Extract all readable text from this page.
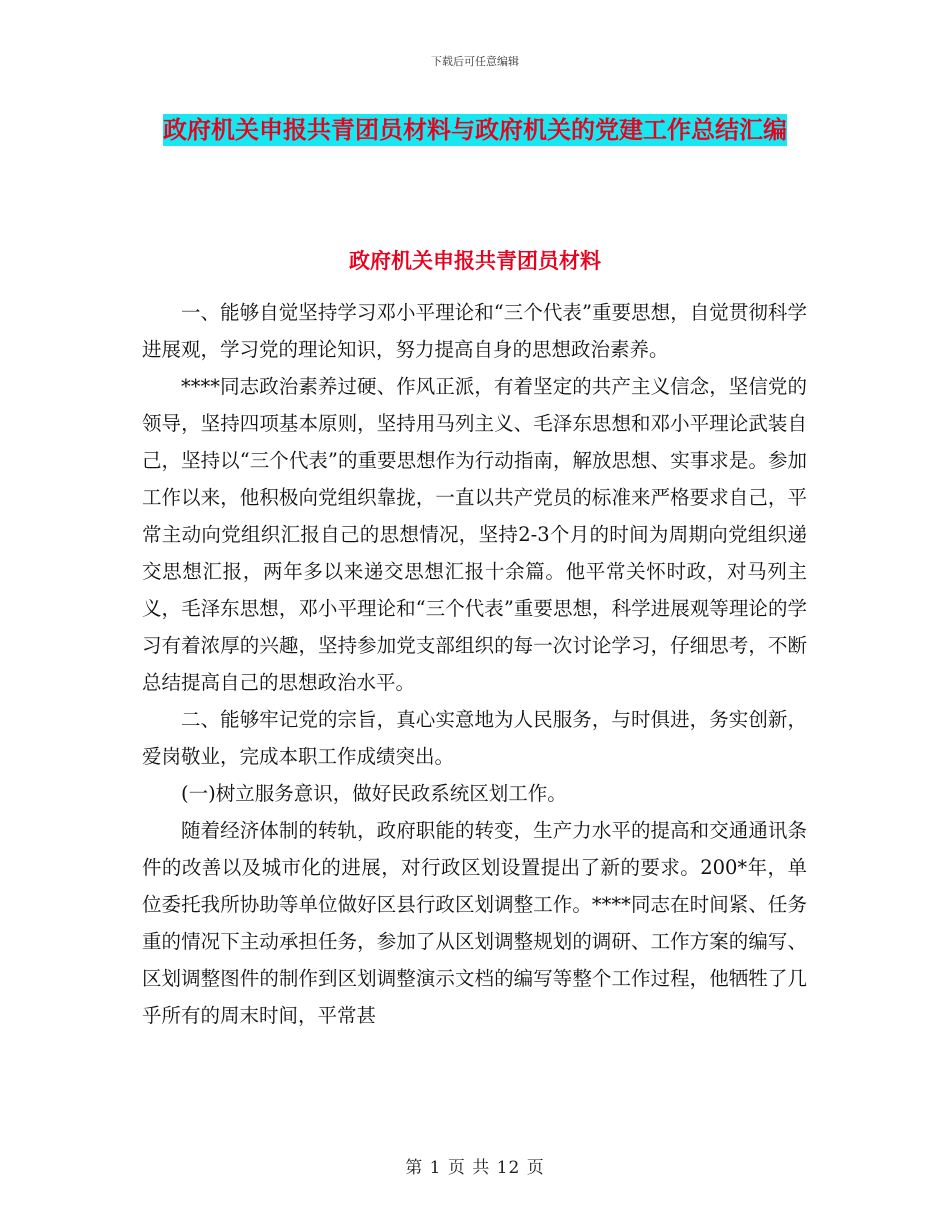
下载后可任意编辑
政府机关申报共青团员材料与政府机关的党建工作总结汇编
政府机关申报共青团员材料

一、能够自觉坚持学习邓小平理论和“三个代表”重要思想，自觉贯彻科学进展观，学习党的理论知识，努力提高自身的思想政治素养。

****同志政治素养过硬、作风正派，有着坚定的共产主义信念，坚信党的领导，坚持四项基本原则，坚持用马列主义、毛泽东思想和邓小平理论武装自己，坚持以“三个代表”的重要思想作为行动指南，解放思想、实事求是。参加工作以来，他积极向党组织靠拢，一直以共产党员的标准来严格要求自己，平常主动向党组织汇报自己的思想情况，坚持2-3个月的时间为周期向党组织递交思想汇报，两年多以来递交思想汇报十余篇。他平常关怀时政，对马列主义，毛泽东思想，邓小平理论和“三个代表”重要思想，科学进展观等理论的学习有着浓厚的兴趣，坚持参加党支部组织的每一次讨论学习，仔细思考，不断总结提高自己的思想政治水平。

二、能够牢记党的宗旨，真心实意地为人民服务，与时俱进，务实创新，爱岗敬业，完成本职工作成绩突出。

(一)树立服务意识，做好民政系统区划工作。

随着经济体制的转轨，政府职能的转变，生产力水平的提高和交通通讯条件的改善以及城市化的进展，对行政区划设置提出了新的要求。200*年，单位委托我所协助等单位做好区县行政区划调整工作。****同志在时间紧、任务重的情况下主动承担任务，参加了从区划调整规划的调研、工作方案的编写、区划调整图件的制作到区划调整演示文档的编写等整个工作过程，他牺牲了几乎所有的周末时间，平常甚

第 1 页 共 12 页
